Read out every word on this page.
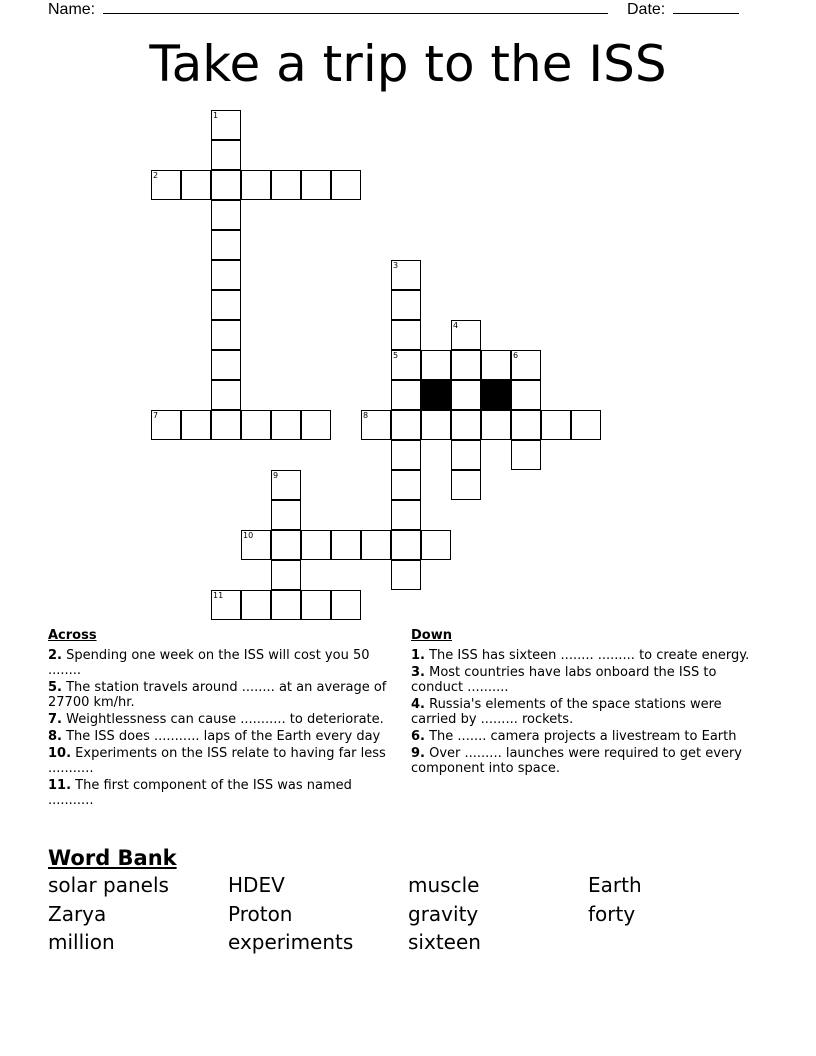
Name:	Date:
Take a trip to the ISS
1
2
3
4
5	6
7	8
9
10
11
Across
2. Spending one week on the ISS will cost you 50 ........
5. The station travels around ........ at an average of 27700 km/hr.
7. Weightlessness can cause ........... to deteriorate.
8. The ISS does ........... laps of the Earth every day
10. Experiments on the ISS relate to having far less ...........
11. The first component of the ISS was named ...........
Down
1. The ISS has sixteen ........ ......... to create energy.
3. Most countries have labs onboard the ISS to conduct ..........
4. Russia's elements of the space stations were carried by ......... rockets.
6. The ....... camera projects a livestream to Earth
9. Over ......... launches were required to get every component into space.
Word Bank
solar panels	HDEV	muscle	Earth
Zarya	Proton	gravity	forty
million	experiments	sixteen
